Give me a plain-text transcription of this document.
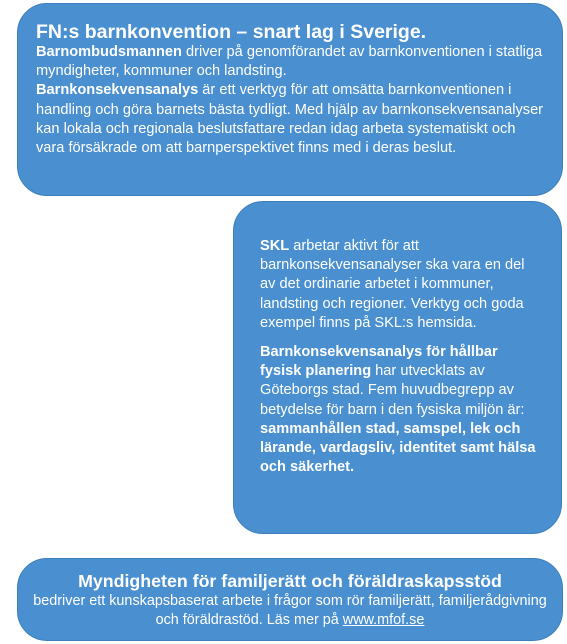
FN:s barnkonvention – snart lag i Sverige.

Barnombudsmannen driver på genomförandet av barnkonventionen i statliga myndigheter, kommuner och landsting.

Barnkonsekvensanalys är ett verktyg för att omsätta barnkonventionen i handling och göra barnets bästa tydligt. Med hjälp av barnkonsekvensanalyser kan lokala och regionala beslutsfattare redan idag arbeta systematiskt och vara försäkrade om att barnperspektivet finns med i deras beslut.

SKL arbetar aktivt för att barnkonsekvensanalyser ska vara en del av det ordinarie arbetet i kommuner, landsting och regioner. Verktyg och goda exempel finns på SKL:s hemsida.

Barnkonsekvensanalys för hållbar fysisk planering har utvecklats av Göteborgs stad. Fem huvudbegrepp av betydelse för barn i den fysiska miljön är: sammanhållen stad, samspel, lek och lärande, vardagsliv, identitet samt hälsa och säkerhet.

Myndigheten för familjerätt och föräldraskapsstöd

bedriver ett kunskapsbaserat arbete i frågor som rör familjerätt, familjerådgivning och föräldrastöd. Läs mer på www.mfof.se
